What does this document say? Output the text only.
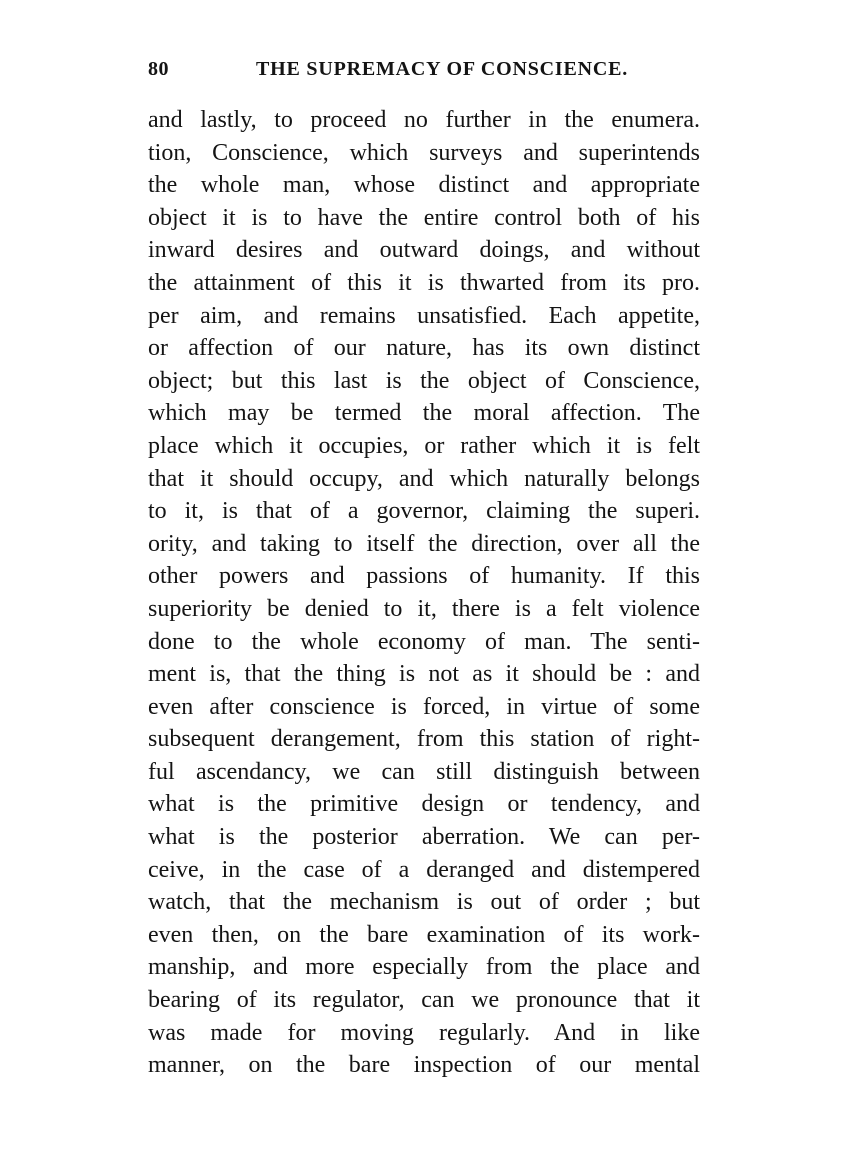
80	THE SUPREMACY OF CONSCIENCE.
and lastly, to proceed no further in the enumera.
tion, Conscience, which surveys and superintends
the whole man, whose distinct and appropriate
object it is to have the entire control both of his
inward desires and outward doings, and without
the attainment of this it is thwarted from its pro.
per aim, and remains unsatisfied. Each appetite,
or affection of our nature, has its own distinct
object; but this last is the object of Conscience,
which may be termed the moral affection. The
place which it occupies, or rather which it is felt
that it should occupy, and which naturally belongs
to it, is that of a governor, claiming the superi.
ority, and taking to itself the direction, over all the
other powers and passions of humanity. If this
superiority be denied to it, there is a felt violence
done to the whole economy of man. The senti-
ment is, that the thing is not as it should be : and
even after conscience is forced, in virtue of some
subsequent derangement, from this station of right-
ful ascendancy, we can still distinguish between
what is the primitive design or tendency, and
what is the posterior aberration. We can per-
ceive, in the case of a deranged and distempered
watch, that the mechanism is out of order ; but
even then, on the bare examination of its work-
manship, and more especially from the place and
bearing of its regulator, can we pronounce that it
was made for moving regularly. And in like
manner, on the bare inspection of our mental
